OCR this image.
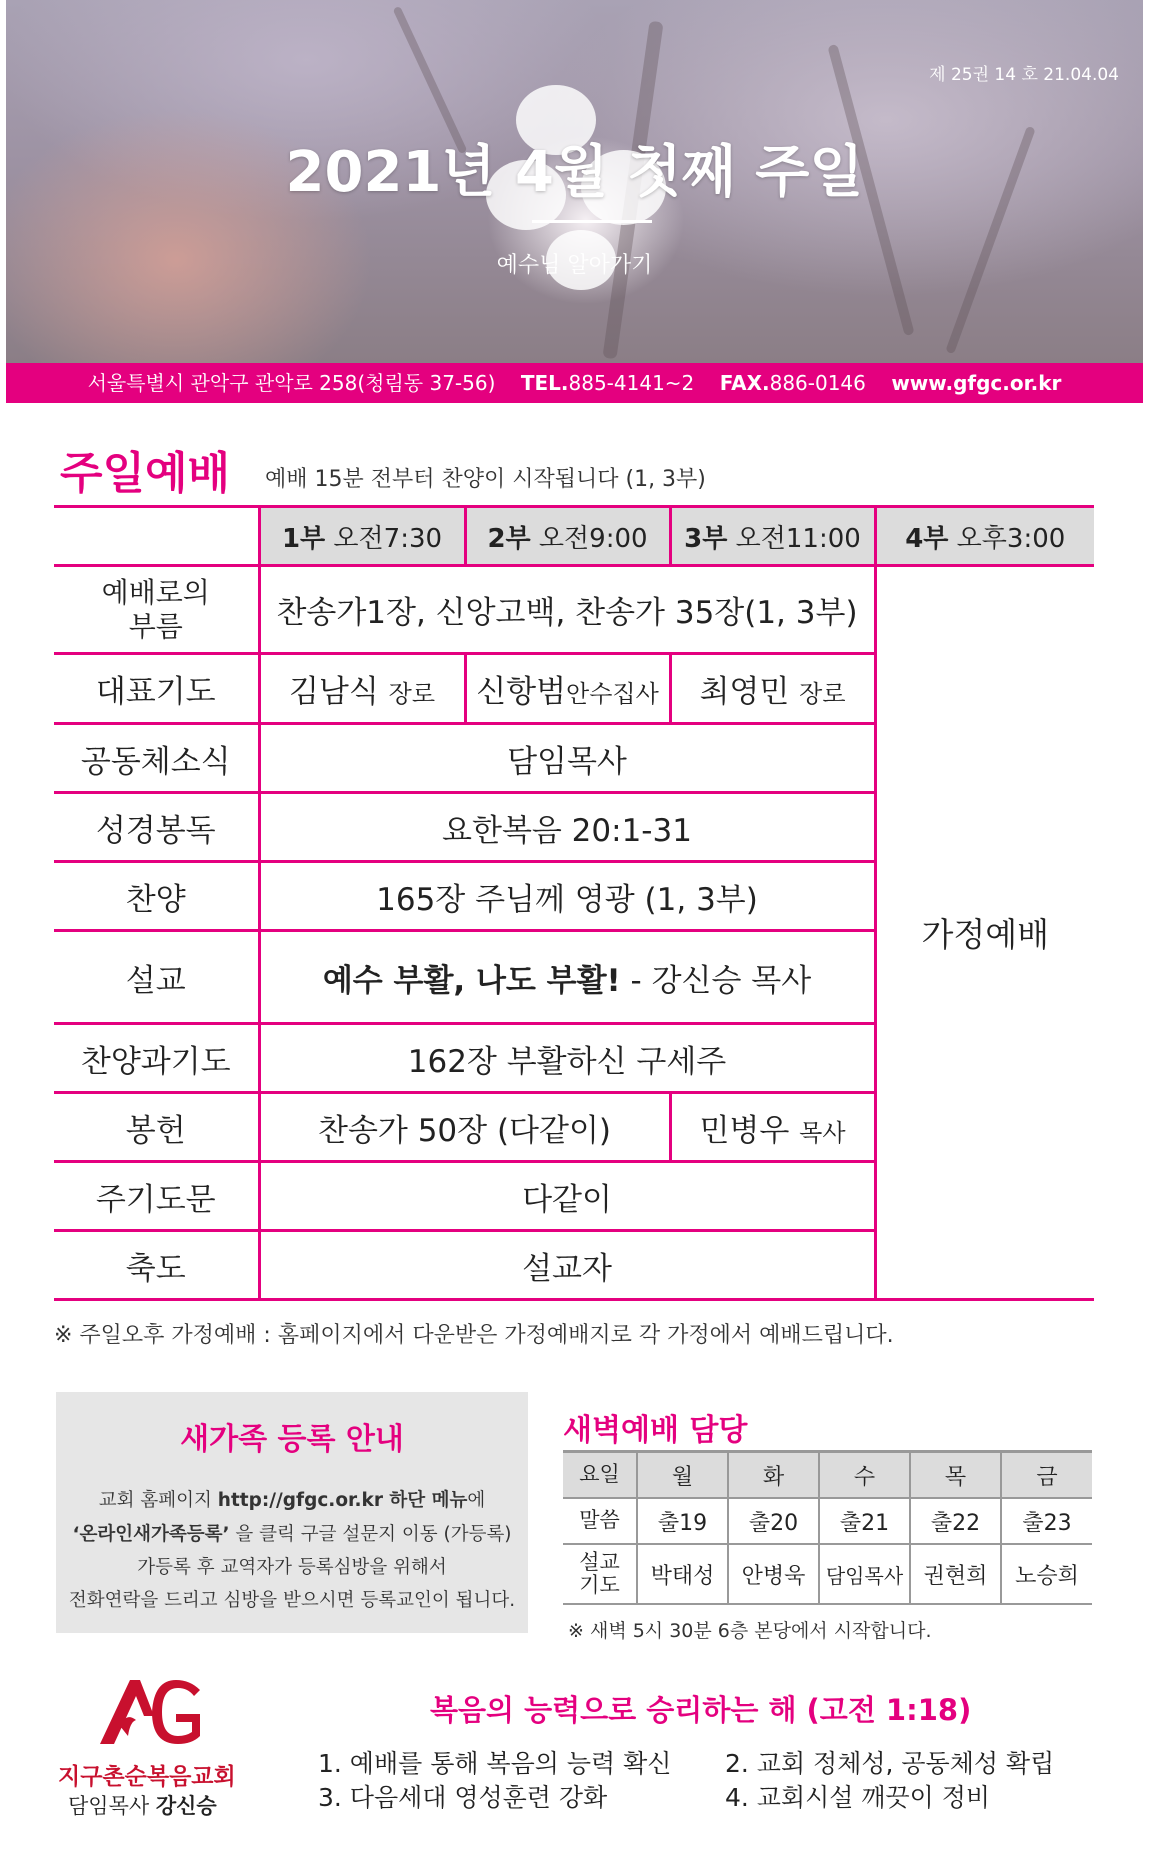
제 25권 14 호 21.04.04
2021년 4월 첫째 주일
예수님 알아가기
서울특별시 관악구 관악로 258(청림동 37-56) TEL.885-4141~2 FAX.886-0146 www.gfgc.or.kr
주일예배 예배 15분 전부터 찬양이 시작됩니다 (1, 3부)
	1부 오전7:30	2부 오전9:00	3부 오전11:00	4부 오후3:00
예배로의
부름	찬송가1장, 신앙고백, 찬송가 35장(1, 3부)			가정예배
대표기도	김남식 장로	신항범안수집사	최영민 장로	
공동체소식	담임목사			
성경봉독	요한복음 20:1-31			
찬양	165장 주님께 영광 (1, 3부)			
설교	예수 부활, 나도 부활! - 강신승 목사			
찬양과기도	162장 부활하신 구세주			
봉헌	찬송가 50장 (다같이)		민병우 목사	
주기도문	다같이			
축도	설교자			
※ 주일오후 가정예배 : 홈페이지에서 다운받은 가정예배지로 각 가정에서 예배드립니다.
새가족 등록 안내
교회 홈페이지 http://gfgc.or.kr 하단 메뉴에
‘온라인새가족등록’ 을 클릭 구글 설문지 이동 (가등록)
가등록 후 교역자가 등록심방을 위해서
전화연락을 드리고 심방을 받으시면 등록교인이 됩니다.
새벽예배 담당
요일	월	화	수	목	금
말씀	출19	출20	출21	출22	출23
설교
기도	박태성	안병욱	담임목사	권현희	노승희
※ 새벽 5시 30분 6층 본당에서 시작합니다.
지구촌순복음교회
담임목사 강신승
복음의 능력으로 승리하는 해 (고전 1:18)
1. 예배를 통해 복음의 능력 확신 2. 교회 정체성, 공동체성 확립
3. 다음세대 영성훈련 강화	4. 교회시설 깨끗이 정비
